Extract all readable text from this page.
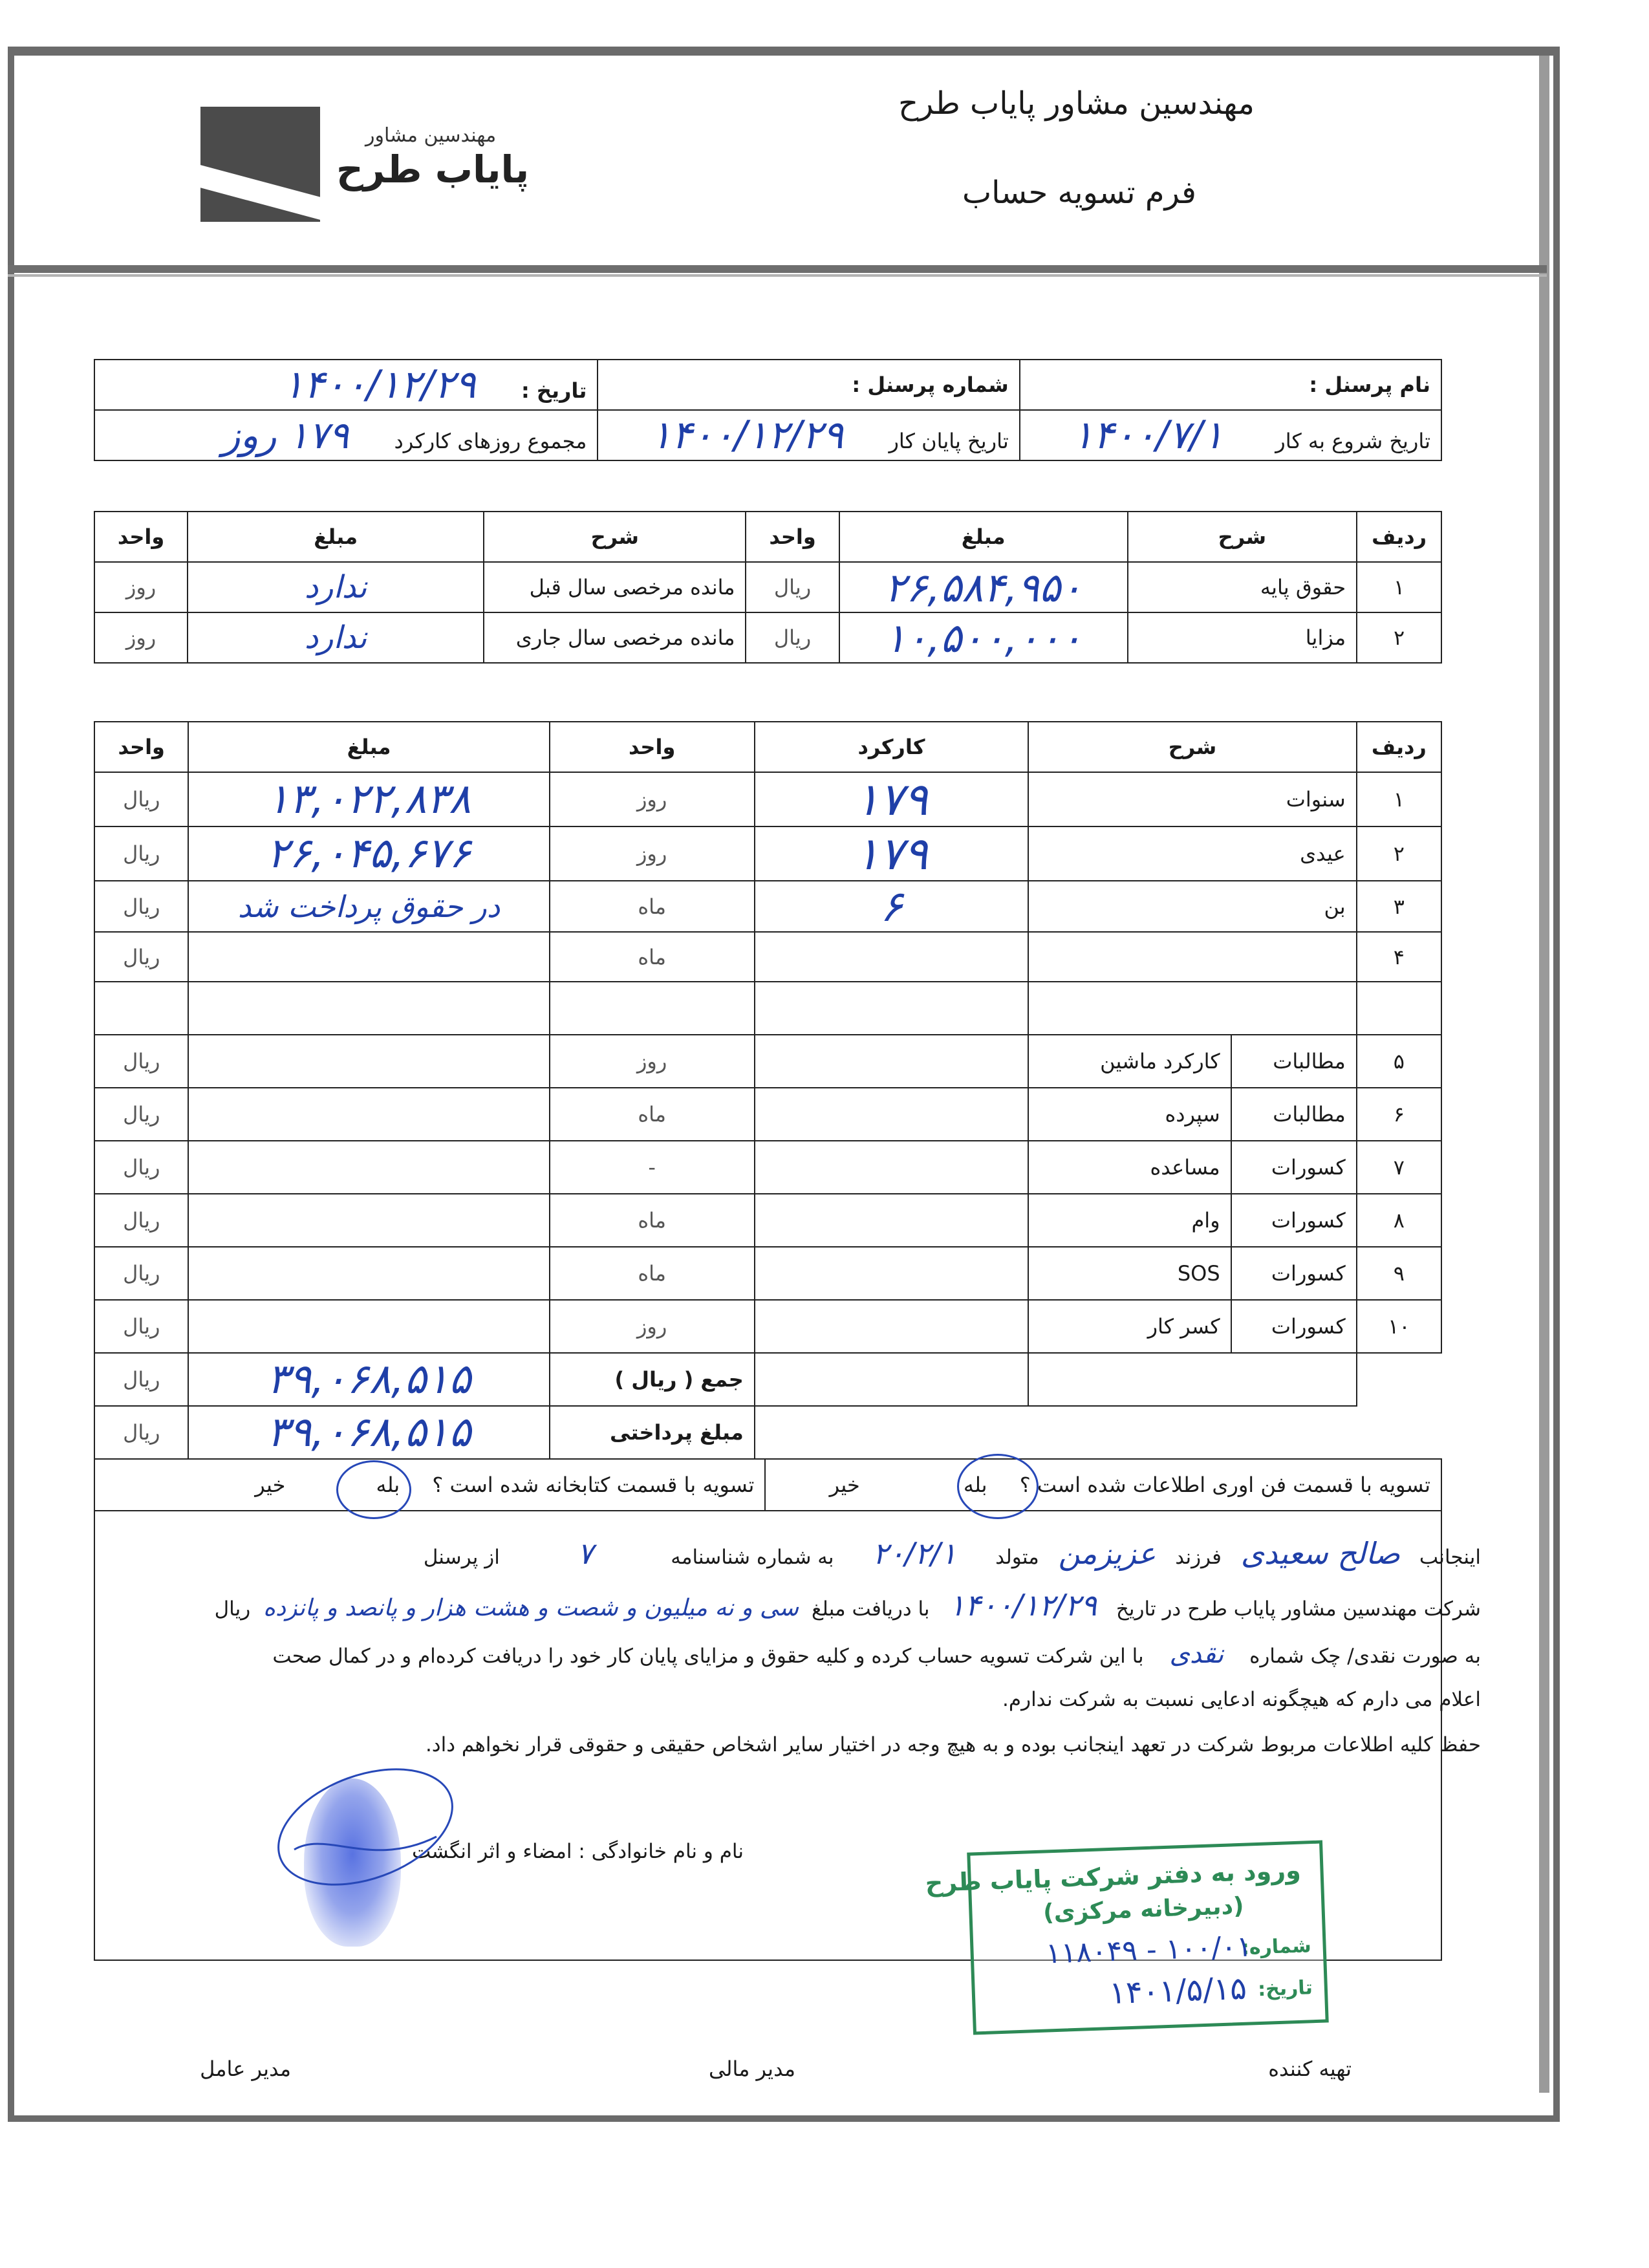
مهندسین مشاور
پایاب طرح
مهندسین مشاور پایاب طرح
فرم تسویه حساب
نام پرسنل :	شماره پرسنل :	تاریخ : ۱۴۰۰/۱۲/۲۹
تاریخ شروع به کار ۱۴۰۰/۷/۱	تاریخ پایان کار ۱۴۰۰/۱۲/۲۹	مجموع روزهای کارکرد ۱۷۹ روز
ردیف	شرح	مبلغ	واحد	شرح	مبلغ	واحد
۱	حقوق پایه	۲۶,۵۸۴,۹۵۰	ریال	مانده مرخصی سال قبل	ندارد	روز
۲	مزایا	۱۰,۵۰۰,۰۰۰	ریال	مانده مرخصی سال جاری	ندارد	روز
ردیف	شرح		کارکرد	واحد	مبلغ	واحد
۱	سنوات		۱۷۹	روز	۱۳,۰۲۲,۸۳۸	ریال
۲	عیدی		۱۷۹	روز	۲۶,۰۴۵,۶۷۶	ریال
۳	بن		۶	ماه	در حقوق پرداخت شد	ریال
۴				ماه		ریال

۵	مطالبات	کارکرد ماشین		روز		ریال
۶	مطالبات	سپرده		ماه		ریال
۷	کسورات	مساعده		-		ریال
۸	کسورات	وام		ماه		ریال
۹	کسورات	SOS		ماه		ریال
۱۰	کسورات	کسر کار		روز		ریال
				جمع ( ریال )	۳۹,۰۶۸,۵۱۵	ریال
				مبلغ پرداختی	۳۹,۰۶۸,۵۱۵	ریال
تسویه با قسمت فن اوری اطلاعات شده است ؟ بله خیر	تسویه با قسمت کتابخانه شده است ؟ بله خیر
اینجانب صالح سعیدی فرزند عزیزمن متولد ۲۰/۲/۱ به شماره شناسنامه ۷ از پرسنل
شرکت مهندسین مشاور پایاب طرح در تاریخ ۱۴۰۰/۱۲/۲۹ با دریافت مبلغ سی و نه میلیون و شصت و هشت هزار و پانصد و پانزده ریال
به صورت نقدی/ چک شماره نقدی با این شرکت تسویه حساب کرده و کلیه حقوق و مزایای پایان کار خود را دریافت کرده‌ام و در کمال صحت
اعلام می دارم که هیچگونه ادعایی نسبت به شرکت ندارم.
حفظ کلیه اطلاعات مربوط شرکت در تعهد اینجانب بوده و به هیچ وجه در اختیار سایر اشخاص حقیقی و حقوقی قرار نخواهم داد.
نام و نام خانوادگی : امضاء و اثر انگشت
ورود به دفتر شرکت پایاب طرح
(دبیرخانه مرکزی)
شماره:
۱۰۰/۰۱ - ۱۱۸۰۴۹
تاریخ:
۱۴۰۱/۵/۱۵
تهیه کننده
مدیر مالی
مدیر عامل
